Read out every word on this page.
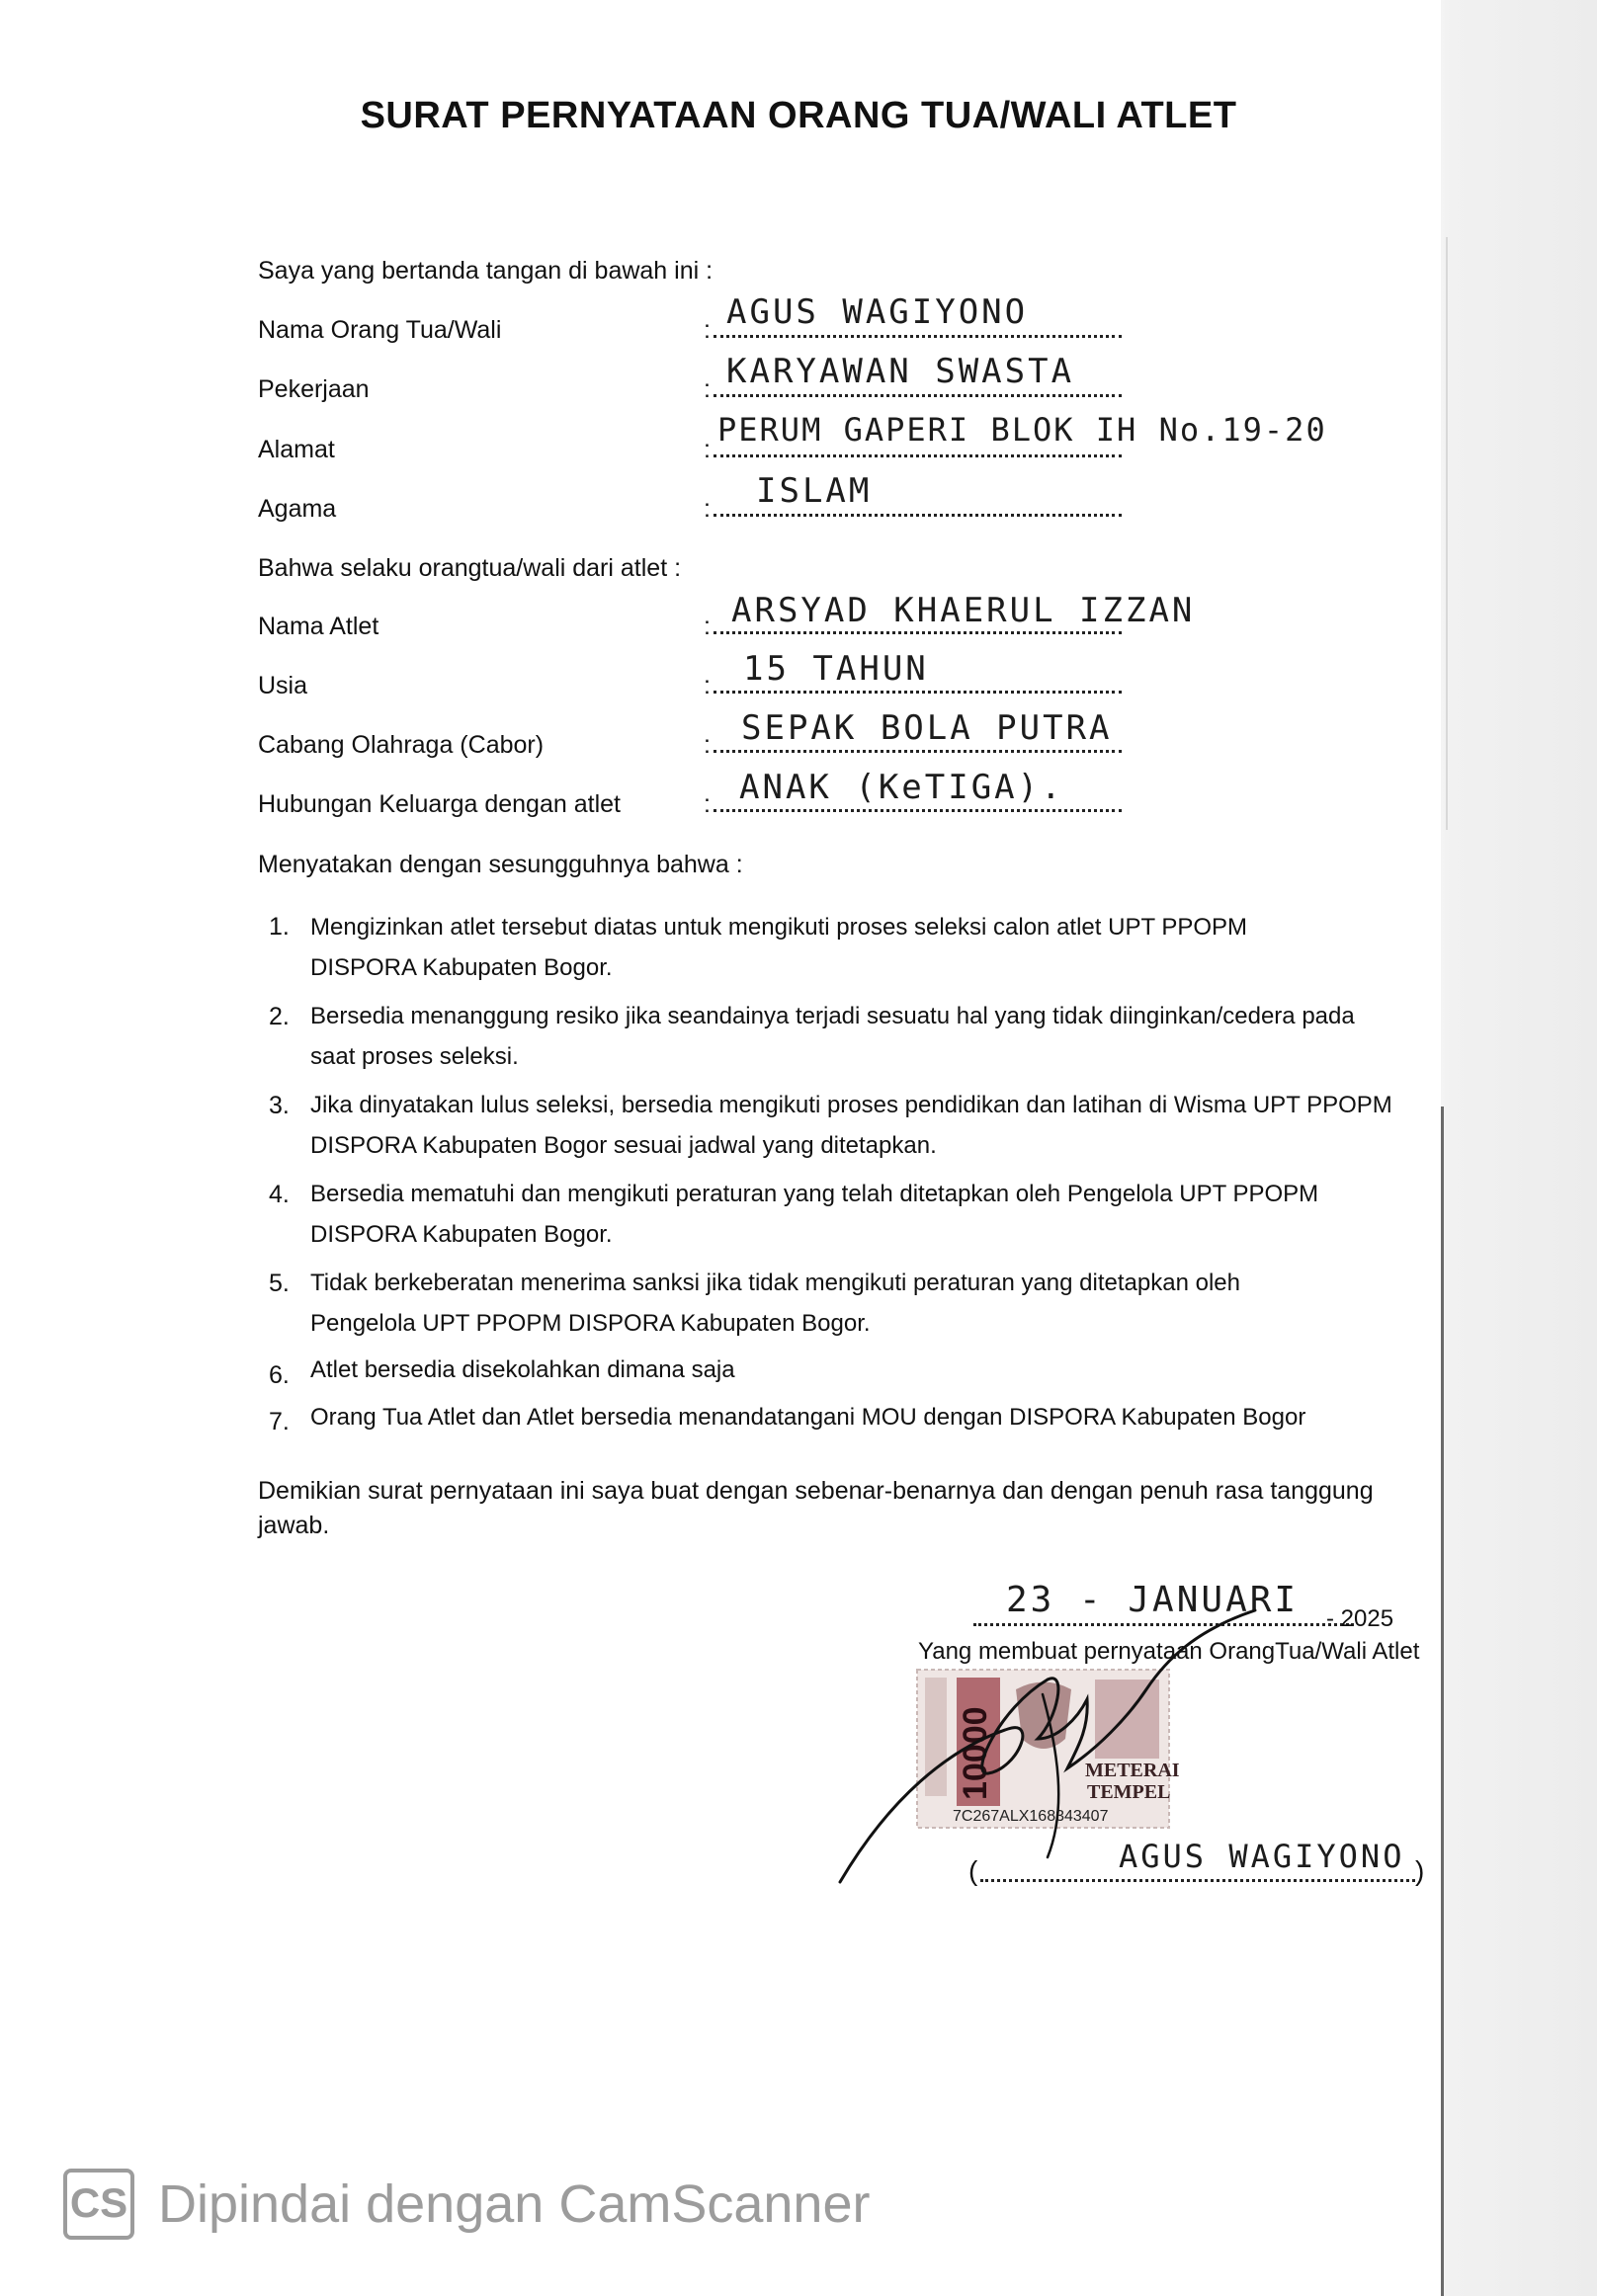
SURAT PERNYATAAN ORANG TUA/WALI ATLET
Saya yang bertanda tangan di bawah ini :
Nama Orang Tua/Wali	: AGUS WAGIYONO
Pekerjaan	: KARYAWAN SWASTA
Alamat	:
PERUM GAPERI BLOK IH No.19-20
Agama	: ISLAM
Bahwa selaku orangtua/wali dari atlet :
Nama Atlet	: ARSYAD KHAERUL IZZAN
Usia	: 15 TAHUN
Cabang Olahraga (Cabor)	: SEPAK BOLA PUTRA
Hubungan Keluarga dengan atlet	: ANAK (KeTIGA).
Menyatakan dengan sesungguhnya bahwa :
1. Mengizinkan atlet tersebut diatas untuk mengikuti proses seleksi calon atlet UPT PPOPM
DISPORA Kabupaten Bogor.
2. Bersedia menanggung resiko jika seandainya terjadi sesuatu hal yang tidak diinginkan/cedera pada
saat proses seleksi.
3. Jika dinyatakan lulus seleksi, bersedia mengikuti proses pendidikan dan latihan di Wisma UPT PPOPM
DISPORA Kabupaten Bogor sesuai jadwal yang ditetapkan.
4. Bersedia mematuhi dan mengikuti peraturan yang telah ditetapkan oleh Pengelola UPT PPOPM
DISPORA Kabupaten Bogor.
5. Tidak berkeberatan menerima sanksi jika tidak mengikuti peraturan yang ditetapkan oleh
Pengelola UPT PPOPM DISPORA Kabupaten Bogor.
6. Atlet bersedia disekolahkan dimana saja
7. Orang Tua Atlet dan Atlet bersedia menandatangani MOU dengan DISPORA Kabupaten Bogor
Demikian surat pernyataan ini saya buat dengan sebenar-benarnya dan dengan penuh rasa tanggung
jawab.
23 - JANUARI - 2025
Yang membuat pernyataan OrangTua/Wali Atlet
10000	METERAI
TEMPEL
7C267ALX168343407
(	)
AGUS WAGIYONO
CS Dipindai dengan CamScanner
